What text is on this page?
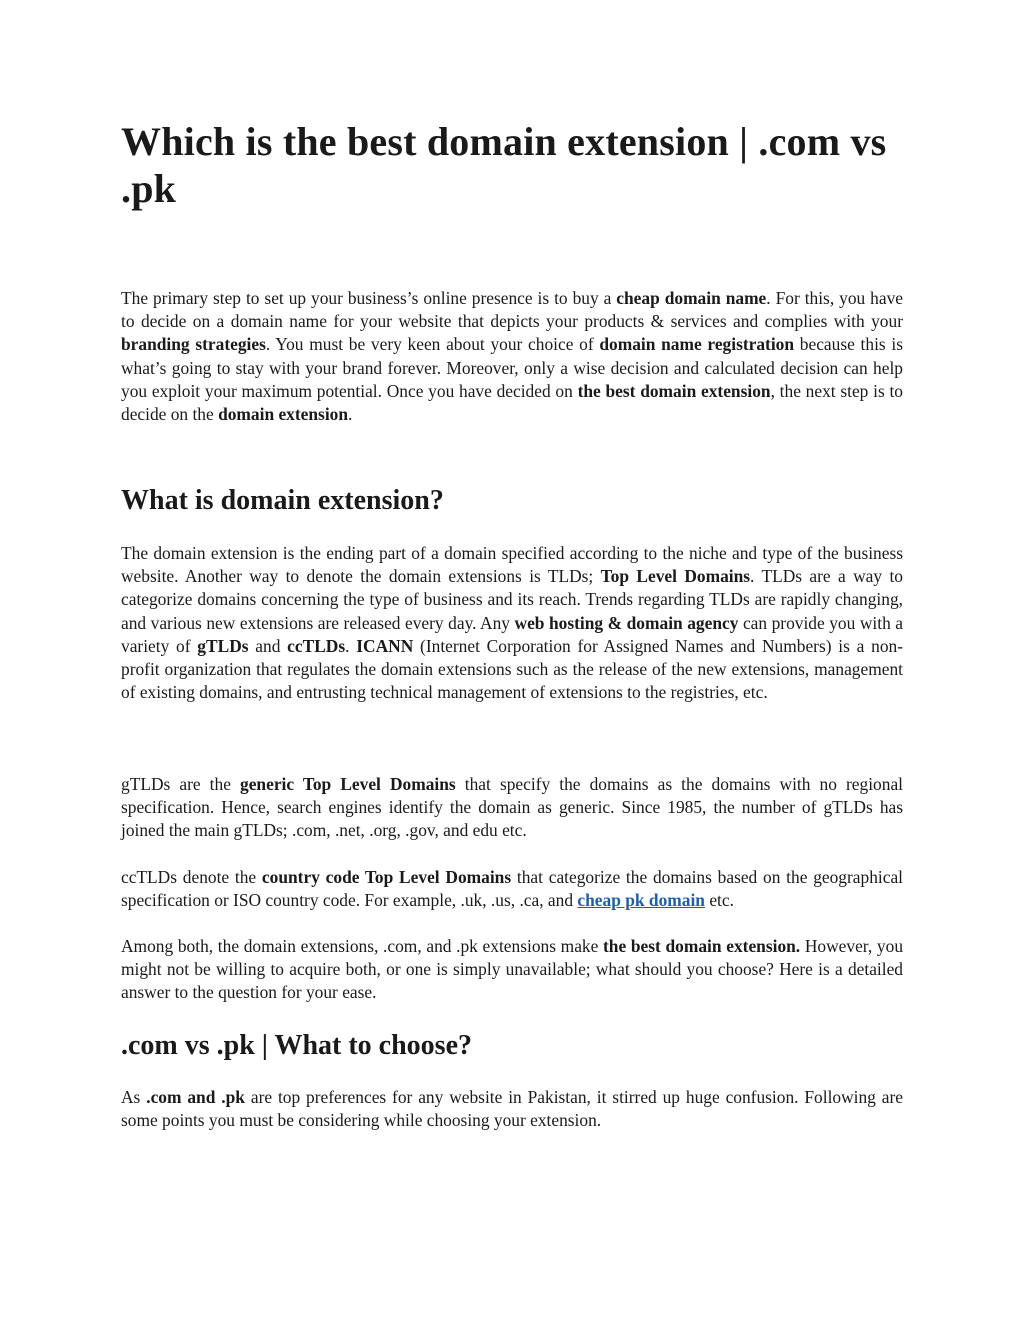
Which is the best domain extension | .com vs .pk

The primary step to set up your business’s online presence is to buy a cheap domain name. For this, you have to decide on a domain name for your website that depicts your products & services and complies with your branding strategies. You must be very keen about your choice of domain name registration because this is what’s going to stay with your brand forever. Moreover, only a wise decision and calculated decision can help you exploit your maximum potential. Once you have decided on the best domain extension, the next step is to decide on the domain extension.

What is domain extension?

The domain extension is the ending part of a domain specified according to the niche and type of the business website. Another way to denote the domain extensions is TLDs; Top Level Domains. TLDs are a way to categorize domains concerning the type of business and its reach. Trends regarding TLDs are rapidly changing, and various new extensions are released every day. Any web hosting & domain agency can provide you with a variety of gTLDs and ccTLDs. ICANN (Internet Corporation for Assigned Names and Numbers) is a non-profit organization that regulates the domain extensions such as the release of the new extensions, management of existing domains, and entrusting technical management of extensions to the registries, etc.

gTLDs are the generic Top Level Domains that specify the domains as the domains with no regional specification. Hence, search engines identify the domain as generic. Since 1985, the number of gTLDs has joined the main gTLDs; .com, .net, .org, .gov, and edu etc.

ccTLDs denote the country code Top Level Domains that categorize the domains based on the geographical specification or ISO country code. For example, .uk, .us, .ca, and cheap pk domain etc.

Among both, the domain extensions, .com, and .pk extensions make the best domain extension. However, you might not be willing to acquire both, or one is simply unavailable; what should you choose? Here is a detailed answer to the question for your ease.

.com vs .pk | What to choose?

As .com and .pk are top preferences for any website in Pakistan, it stirred up huge confusion. Following are some points you must be considering while choosing your extension.
